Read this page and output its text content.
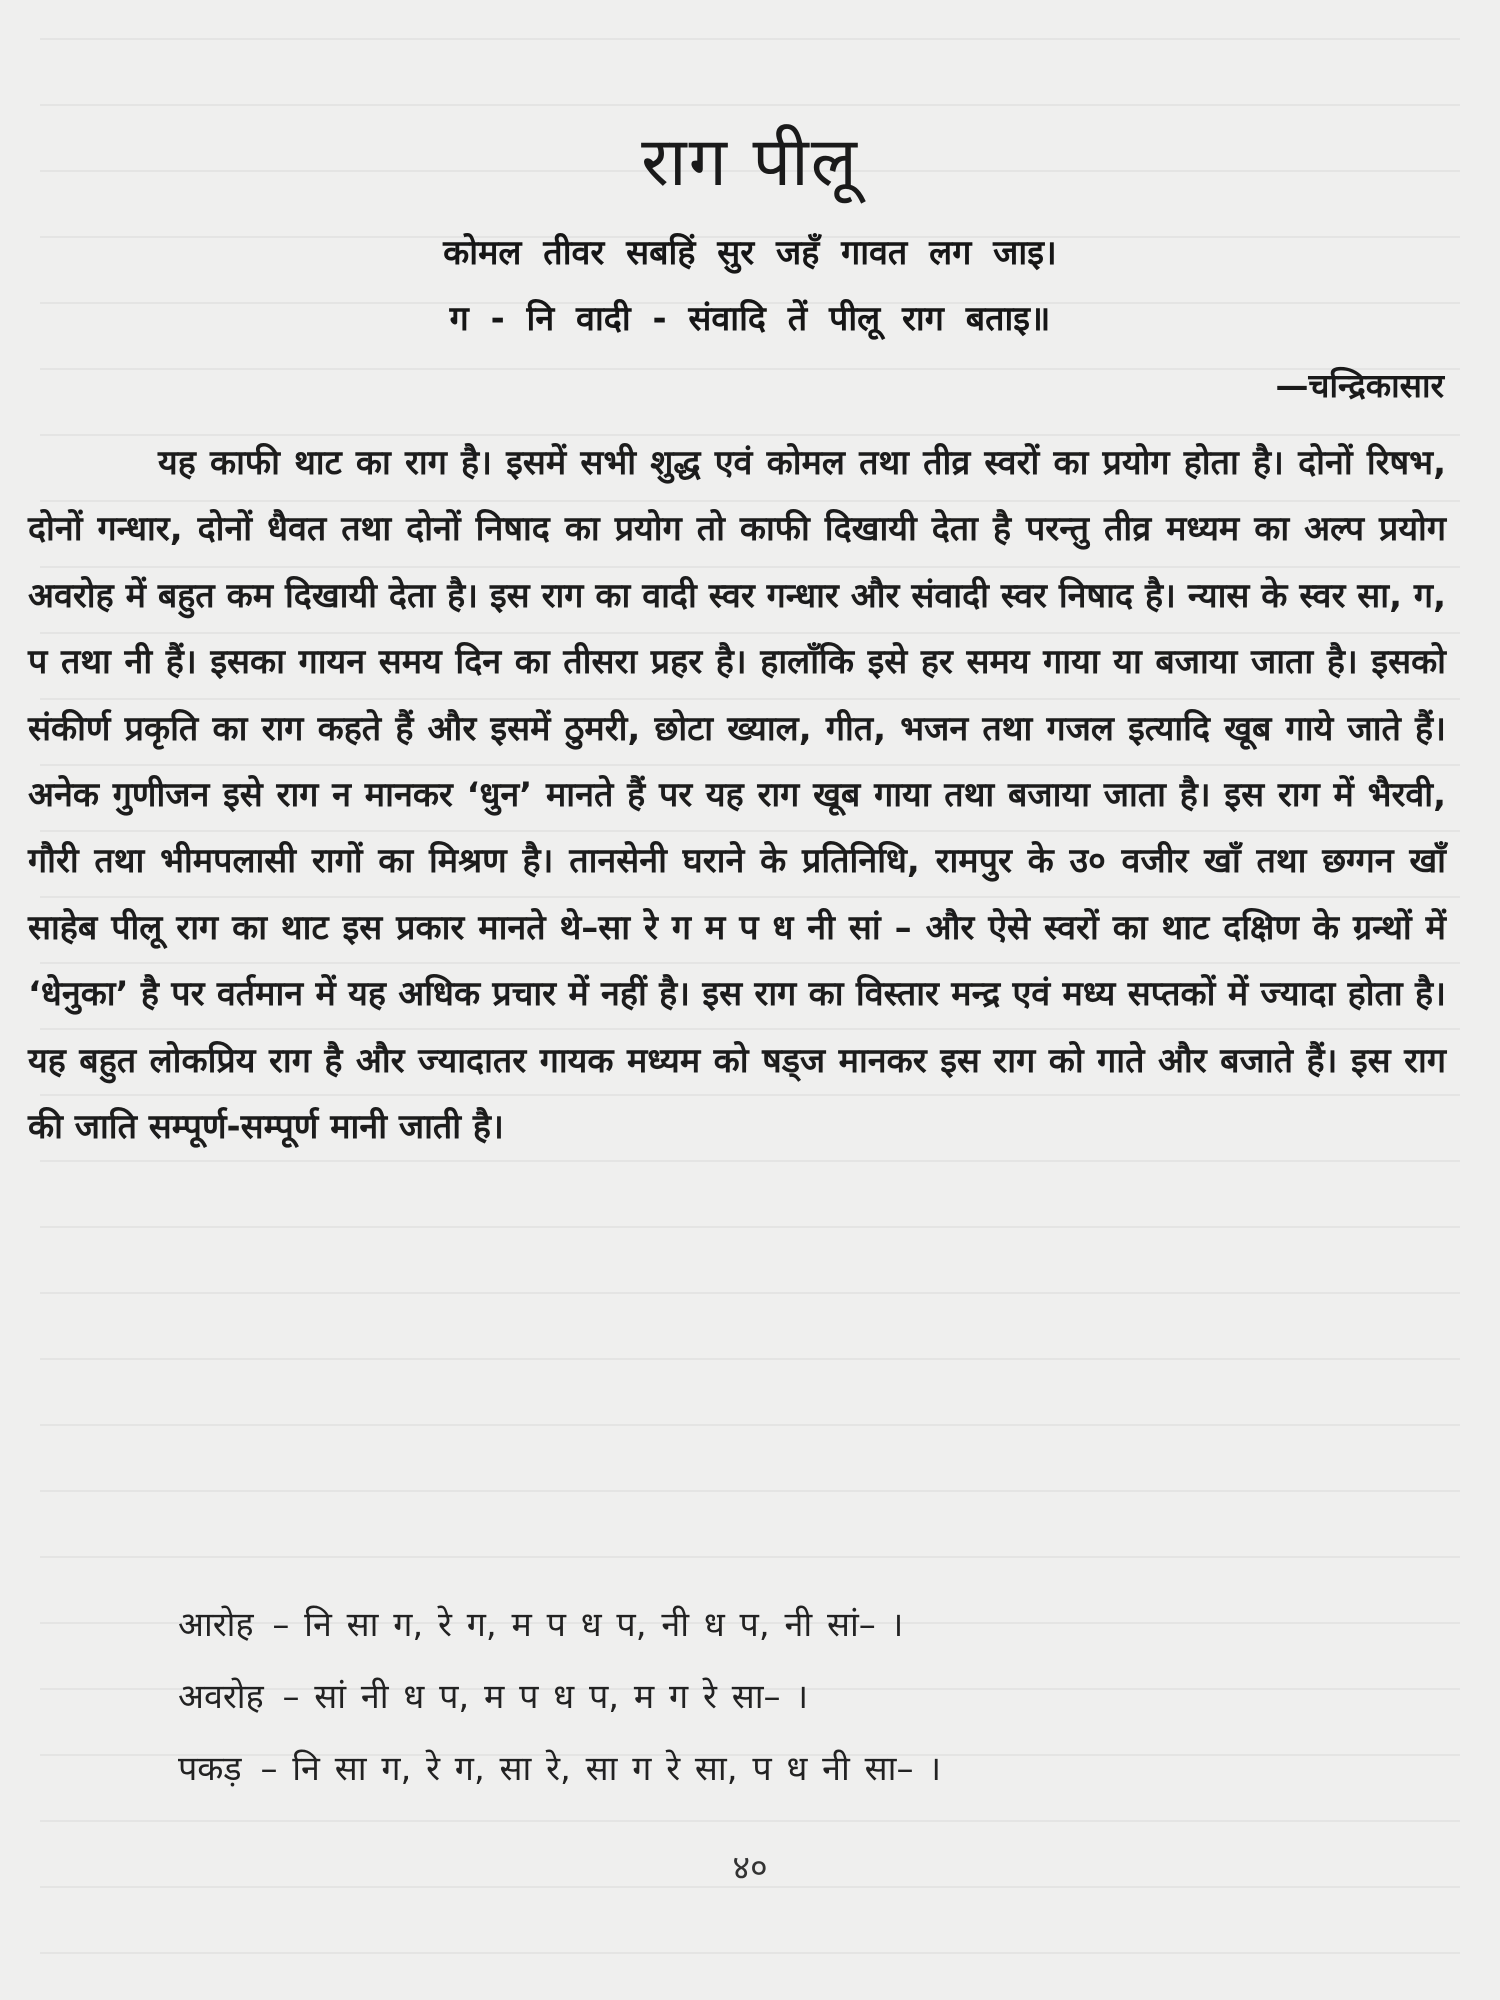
राग पीलू
कोमल तीवर सबहिं सुर जहँ गावत लग जाइ।
ग - नि वादी - संवादि तें पीलू राग बताइ॥
—चन्द्रिकासार

यह काफी थाट का राग है। इसमें सभी शुद्ध एवं कोमल तथा तीव्र स्वरों का प्रयोग होता है। दोनों रिषभ, दोनों गन्धार, दोनों धैवत तथा दोनों निषाद का प्रयोग तो काफी दिखायी देता है परन्तु तीव्र मध्यम का अल्प प्रयोग अवरोह में बहुत कम दिखायी देता है। इस राग का वादी स्वर गन्धार और संवादी स्वर निषाद है। न्यास के स्वर सा, ग, प तथा नी हैं। इसका गायन समय दिन का तीसरा प्रहर है। हालाँकि इसे हर समय गाया या बजाया जाता है। इसको संकीर्ण प्रकृति का राग कहते हैं और इसमें ठुमरी, छोटा ख्याल, गीत, भजन तथा गजल इत्यादि खूब गाये जाते हैं। अनेक गुणीजन इसे राग न मानकर ‘धुन’ मानते हैं पर यह राग खूब गाया तथा बजाया जाता है। इस राग में भैरवी, गौरी तथा भीमपलासी रागों का मिश्रण है। तानसेनी घराने के प्रतिनिधि, रामपुर के उ० वजीर खाँ तथा छग्गन खाँ साहेब पीलू राग का थाट इस प्रकार मानते थे–सा रे ग म प ध नी सां – और ऐसे स्वरों का थाट दक्षिण के ग्रन्थों में ‘धेनुका’ है पर वर्तमान में यह अधिक प्रचार में नहीं है। इस राग का विस्तार मन्द्र एवं मध्य सप्तकों में ज्यादा होता है। यह बहुत लोकप्रिय राग है और ज्यादातर गायक मध्यम को षड्ज मानकर इस राग को गाते और बजाते हैं। इस राग की जाति सम्पूर्ण-सम्पूर्ण मानी जाती है।

आरोह – नि सा ग, रे ग, म प ध प, नी ध प, नी सां– ।
अवरोह – सां नी ध प, म प ध प, म ग रे सा– ।
पकड़ – नि सा ग, रे ग, सा रे, सा ग रे सा, प ध नी सा– ।
४०
